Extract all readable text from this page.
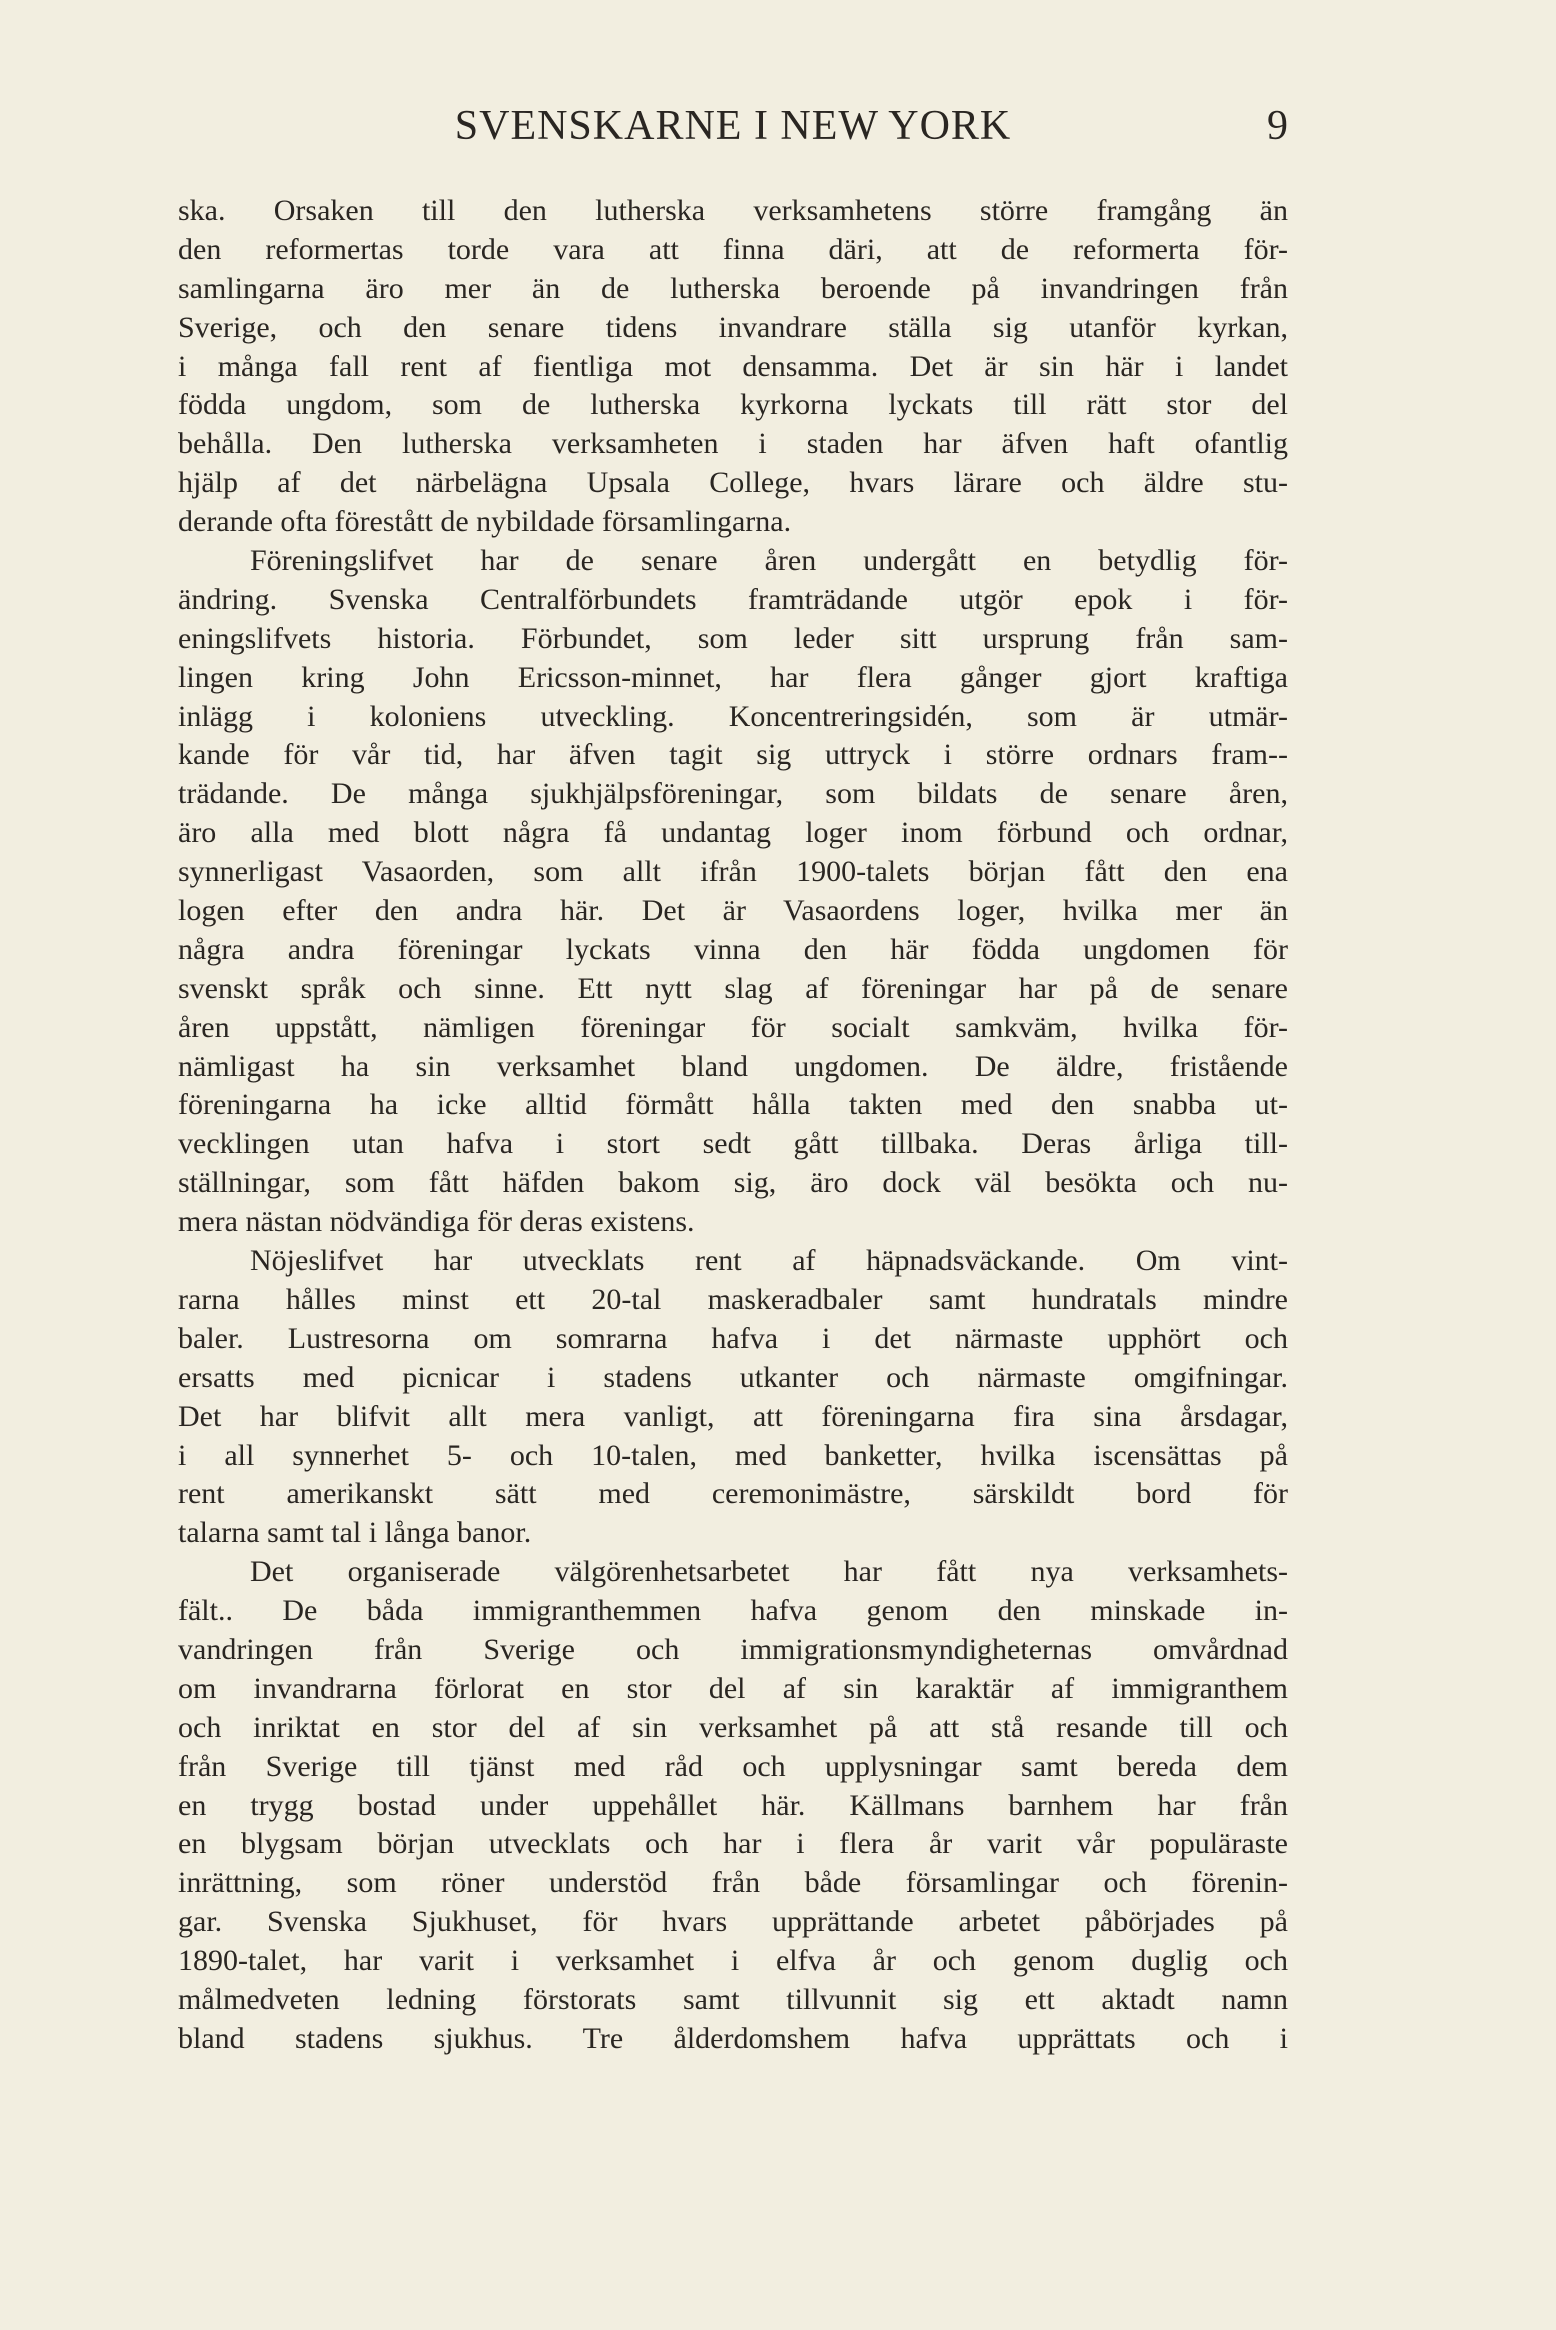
SVENSKARNE I NEW YORK	9
ska. Orsaken till den lutherska verksamhetens större framgång än
den reformertas torde vara att finna däri, att de reformerta för-
samlingarna äro mer än de lutherska beroende på invandringen från
Sverige, och den senare tidens invandrare ställa sig utanför kyrkan,
i många fall rent af fientliga mot densamma. Det är sin här i landet
födda ungdom, som de lutherska kyrkorna lyckats till rätt stor del
behålla. Den lutherska verksamheten i staden har äfven haft ofantlig
hjälp af det närbelägna Upsala College, hvars lärare och äldre stu-
derande ofta förestått de nybildade församlingarna.
Föreningslifvet har de senare åren undergått en betydlig för-
ändring. Svenska Centralförbundets framträdande utgör epok i för-
eningslifvets historia. Förbundet, som leder sitt ursprung från sam-
lingen kring John Ericsson-minnet, har flera gånger gjort kraftiga
inlägg i koloniens utveckling. Koncentreringsidén, som är utmär-
kande för vår tid, har äfven tagit sig uttryck i större ordnars fram--
trädande. De många sjukhjälpsföreningar, som bildats de senare åren,
äro alla med blott några få undantag loger inom förbund och ordnar,
synnerligast Vasaorden, som allt ifrån 1900-talets början fått den ena
logen efter den andra här. Det är Vasaordens loger, hvilka mer än
några andra föreningar lyckats vinna den här födda ungdomen för
svenskt språk och sinne. Ett nytt slag af föreningar har på de senare
åren uppstått, nämligen föreningar för socialt samkväm, hvilka för-
nämligast ha sin verksamhet bland ungdomen. De äldre, fristående
föreningarna ha icke alltid förmått hålla takten med den snabba ut-
vecklingen utan hafva i stort sedt gått tillbaka. Deras årliga till-
ställningar, som fått häfden bakom sig, äro dock väl besökta och nu-
mera nästan nödvändiga för deras existens.
Nöjeslifvet har utvecklats rent af häpnadsväckande. Om vint-
rarna hålles minst ett 20-tal maskeradbaler samt hundratals mindre
baler. Lustresorna om somrarna hafva i det närmaste upphört och
ersatts med picnicar i stadens utkanter och närmaste omgifningar.
Det har blifvit allt mera vanligt, att föreningarna fira sina årsdagar,
i all synnerhet 5- och 10-talen, med banketter, hvilka iscensättas på
rent amerikanskt sätt med ceremonimästre, särskildt bord för
talarna samt tal i långa banor.
Det organiserade välgörenhetsarbetet har fått nya verksamhets-
fält.. De båda immigranthemmen hafva genom den minskade in-
vandringen från Sverige och immigrationsmyndigheternas omvårdnad
om invandrarna förlorat en stor del af sin karaktär af immigranthem
och inriktat en stor del af sin verksamhet på att stå resande till och
från Sverige till tjänst med råd och upplysningar samt bereda dem
en trygg bostad under uppehållet här. Källmans barnhem har från
en blygsam början utvecklats och har i flera år varit vår populäraste
inrättning, som röner understöd från både församlingar och förenin-
gar. Svenska Sjukhuset, för hvars upprättande arbetet påbörjades på
1890-talet, har varit i verksamhet i elfva år och genom duglig och
målmedveten ledning förstorats samt tillvunnit sig ett aktadt namn
bland stadens sjukhus. Tre ålderdomshem hafva upprättats och i
